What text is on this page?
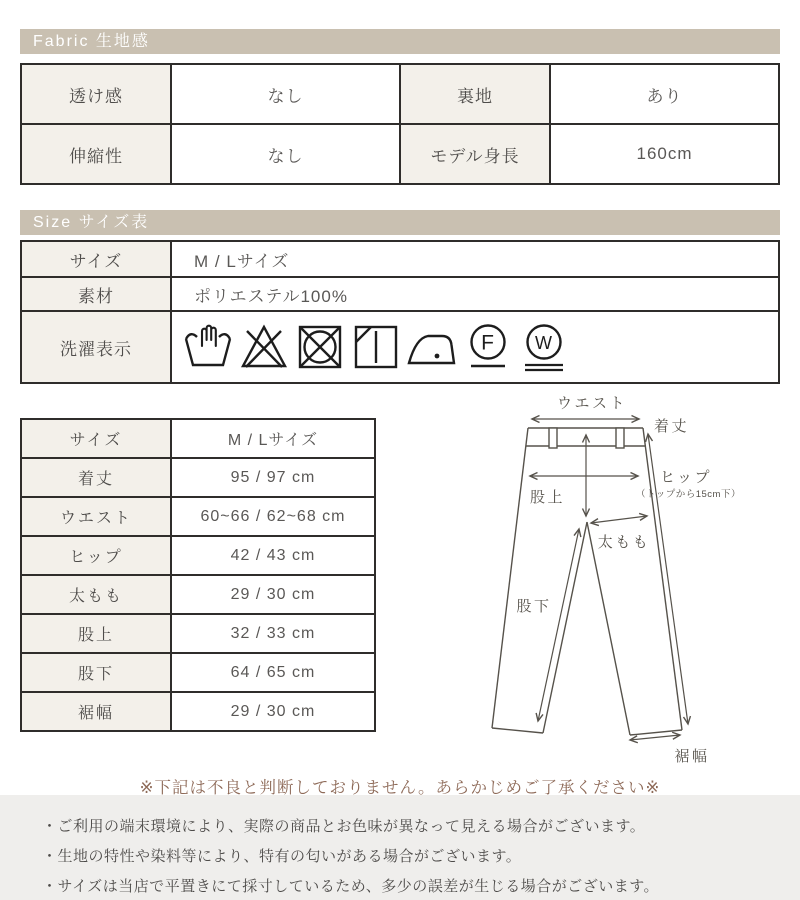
Fabric 生地感
透け感	なし	裏地	あり
伸縮性	なし	モデル身長	160cm
Size サイズ表
サイズ	M / Lサイズ
素材	ポリエステル100%
洗濯表示	F W
サイズ	M / Lサイズ
着丈	95 / 97 cm
ウエスト	60~66 / 62~68 cm
ヒップ	42 / 43 cm
太もも	29 / 30 cm
股上	32 / 33 cm
股下	64 / 65 cm
裾幅	29 / 30 cm
ウエスト
着丈
ヒップ
（トップから15cm下）
股上
太もも
股下
裾幅
※下記は不良と判断しておりません。あらかじめご了承ください※
・ご利用の端末環境により、実際の商品とお色味が異なって見える場合がございます。
・生地の特性や染料等により、特有の匂いがある場合がございます。
・サイズは当店で平置きにて採寸しているため、多少の誤差が生じる場合がございます。
